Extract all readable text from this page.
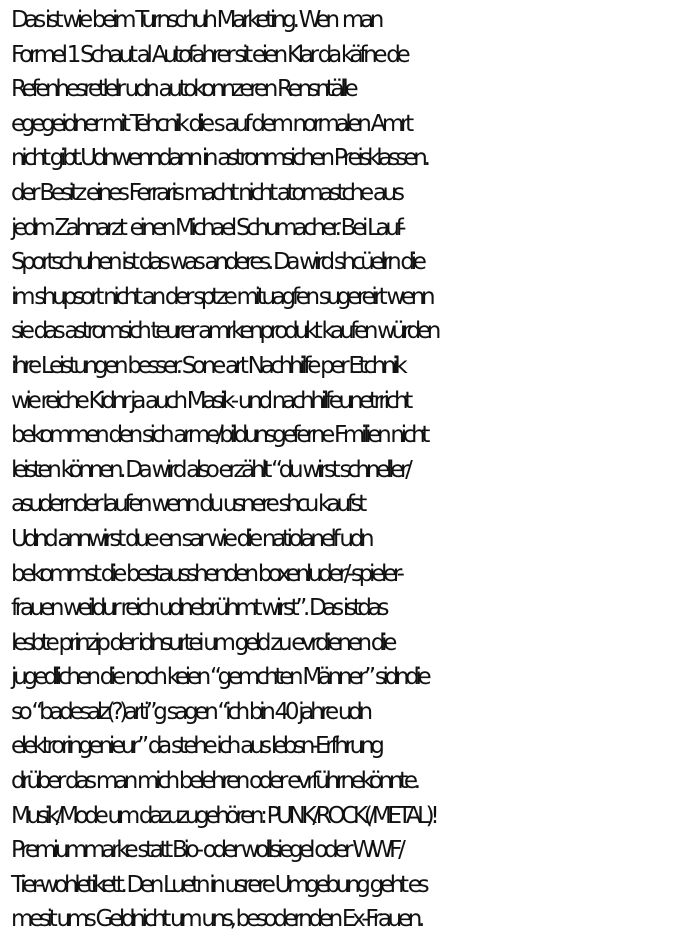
Das ist wie beim Turnschuh Marketing. Wen  man

Formel 1 Schaut al Autofahrer sit eien Klar da käfne de

Refenhesretlelr udn autokonnzeren Rensntälle

egegeidner mit Tehcnik die s auf dem normalen Amrt

nicht gibt.Udnwenndann in astronmsichen Preisklassen.

der Besitz eines Ferraris macht nicht atomastche aus

jedm Zahnarzt  einen Michael Schumacher. Bei Lauf-

Sportschuhen ist das was anderes. Da wird shcüelrn die

im shupsort nicht an der sptze mituagfen sugereirt wenn

sie das astromsich teurer amrkenprodukt kaufen würden

ihre Leistungen besser. Sone art Nachhilfe per Etchnik

wie reiche Kidnr ja auch Masik- und nachhilfeunetrricht

bekommen den sich arme/bildunsgeferne Fmilien nicht

leisten können. Da wird also erzählt “du wirst schneller/

asudernder laufen wenn du usnere shcu kaufst

Udnd annwirst due en sar wie die natiolanelf udn

bekommst die bestausshenden boxenluder/-spieler-

frauen weildur reich udnebrühmt wirst”. Das istdas

lesbte prinzip der idnsurtei um geld zu evrdienen die

jugedlichen die noch keien “gemchten Männer” sidndie

so “badesalz(?)arti”g sagen “ich bin 40 jahre udn

elektroringenieur” da stehe ich aus lebsn-Erfhrung

drüber das man mich belehren oder evrführnekönnte.

Musik/Mode um dazuzugehören: PUNK/ROCK(/METAL)!

Premiummarke statt Bio- oder wollsiegel oder WWF/

Tier-wohletikett. Den Luetn in usrere Umgebung geht es

mesit ums Geldnicht um uns, besodernden Ex-Frauen.
